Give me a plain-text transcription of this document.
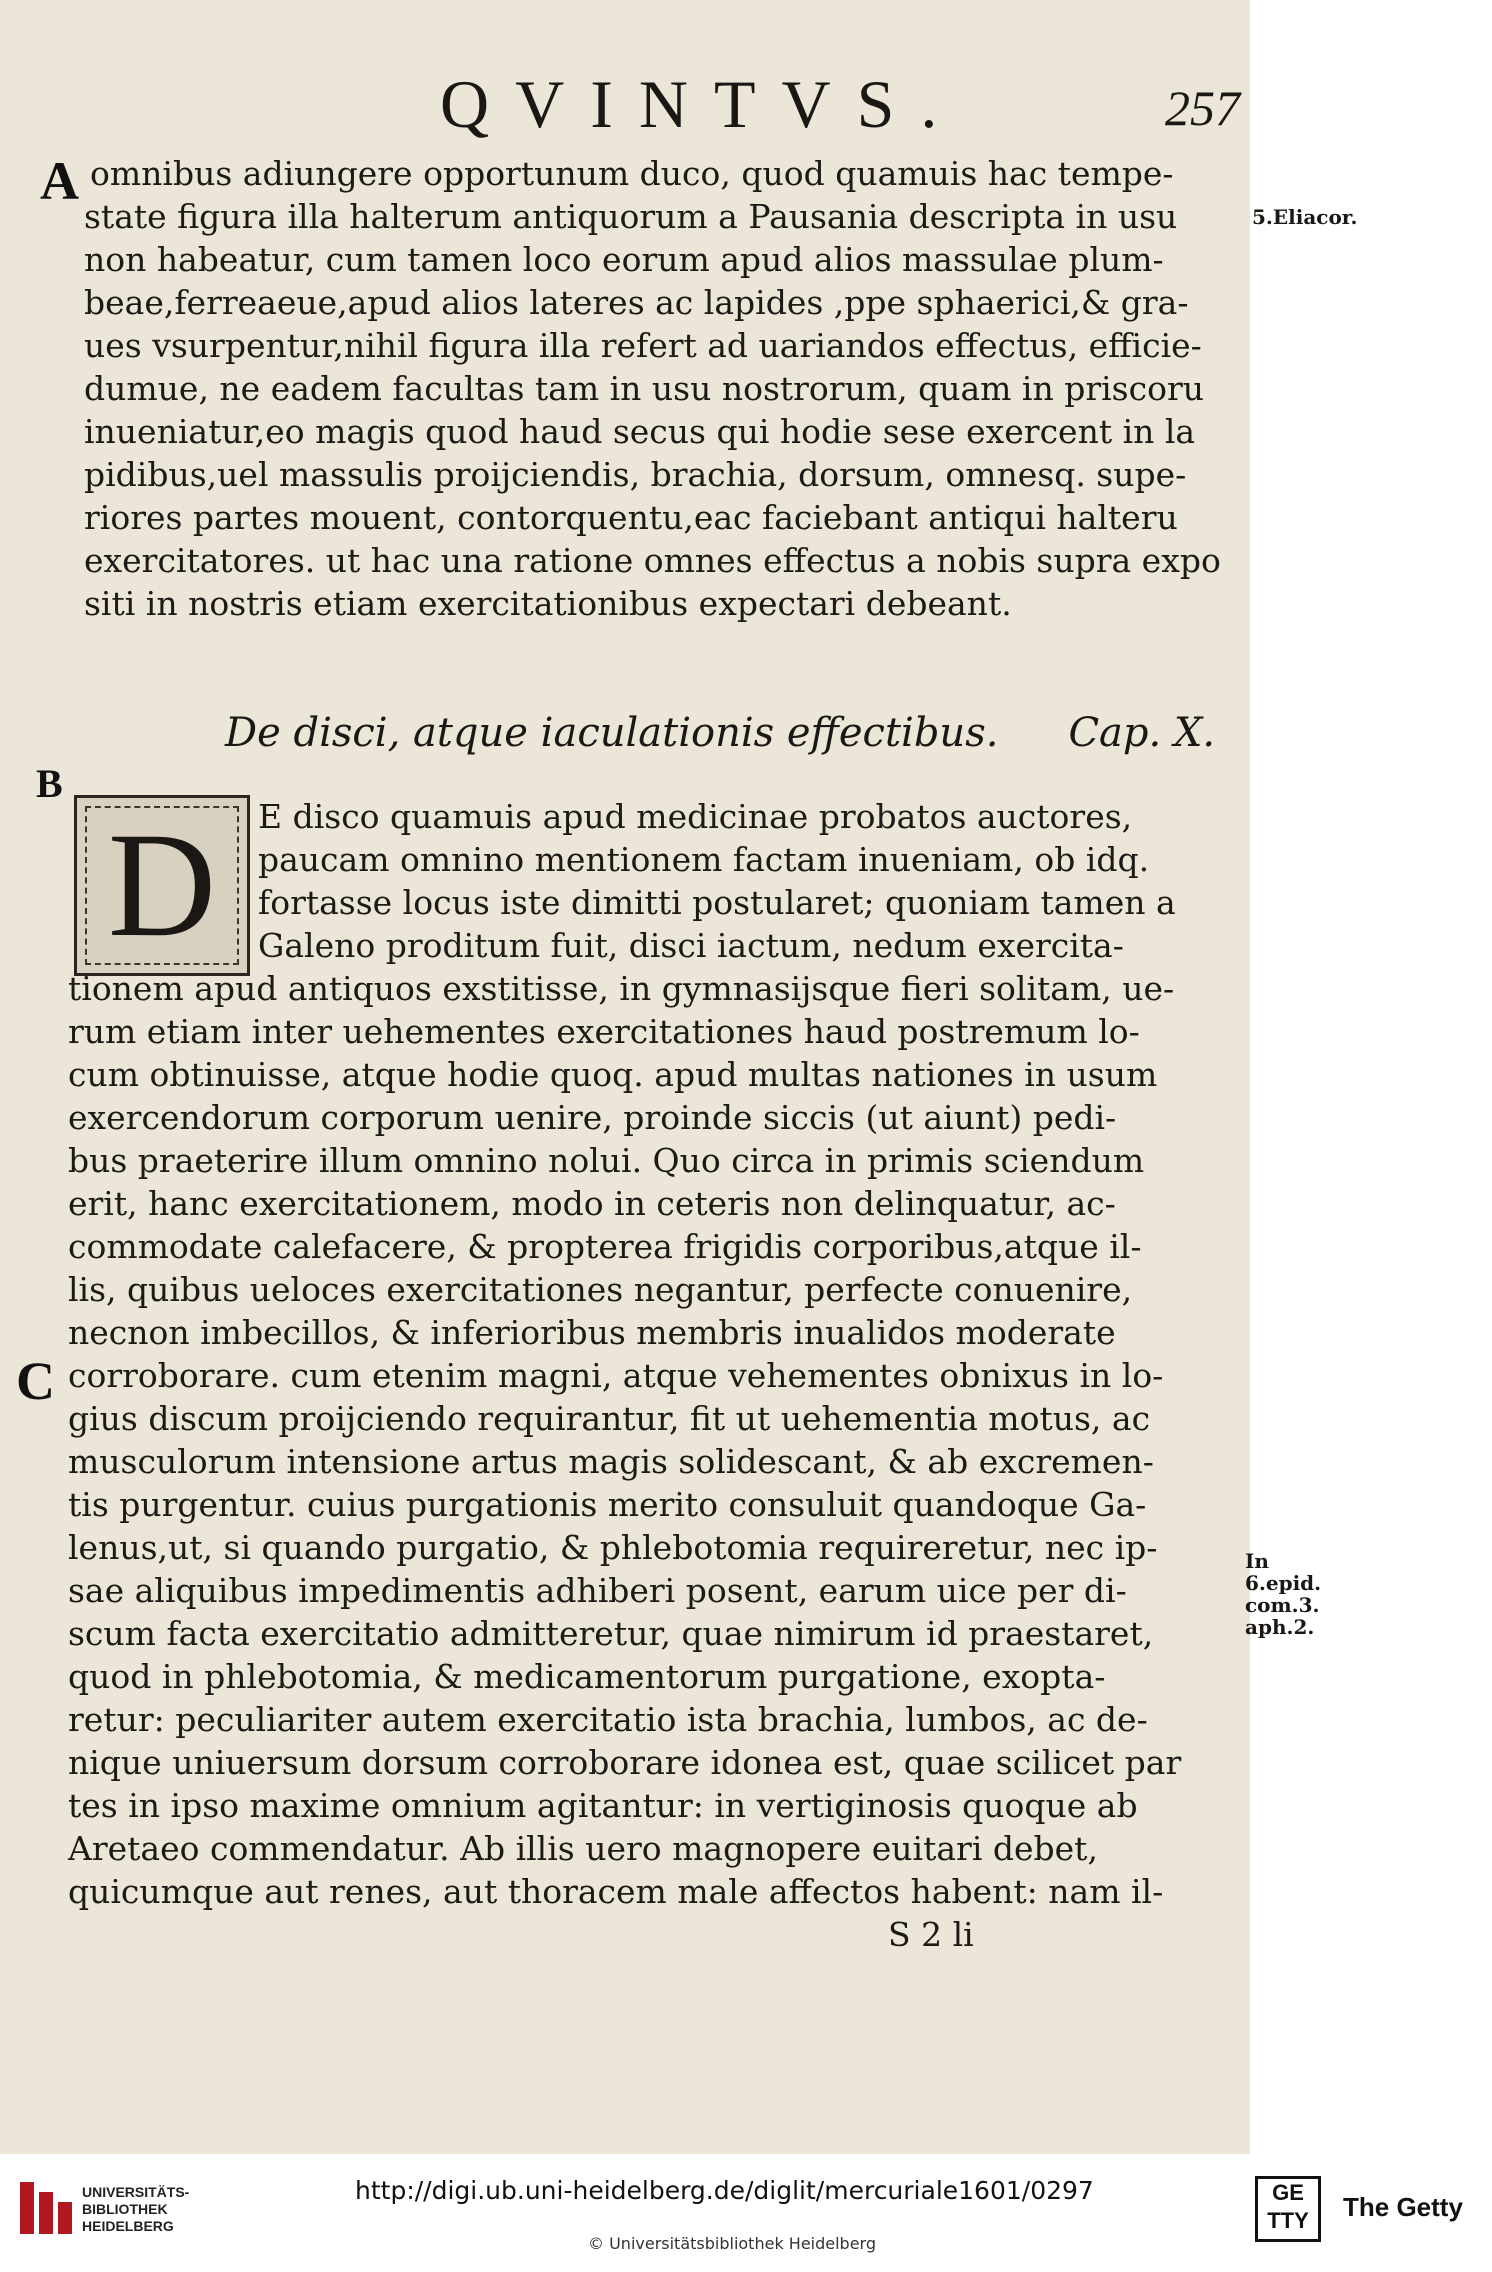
QVINTVS.	257
A
B
C
omnibus adiungere opportunum duco, quod quamuis hac tempe-
state figura illa halterum antiquorum a Pausania descripta in usu
non habeatur, cum tamen loco eorum apud alios massulae plum-
beae,ferreaeue,apud alios lateres ac lapides ,ppe sphaerici,& gra-
ues vsurpentur,nihil figura illa refert ad uariandos effectus, efficie-
dumue, ne eadem facultas tam in usu nostrorum, quam in priscoru
inueniatur,eo magis quod haud secus qui hodie sese exercent in la
pidibus,uel massulis proijciendis, brachia, dorsum, omnesq. supe-
riores partes mouent, contorquentu,eac faciebant antiqui halteru
exercitatores. ut hac una ratione omnes effectus a nobis supra expo
siti in nostris etiam exercitationibus expectari debeant.
5.Eliacor.
De disci, atque iaculationis effectibus. Cap. X.
D	E disco quamuis apud medicinae probatos auctores,
paucam omnino mentionem factam inueniam, ob idq.
fortasse locus iste dimitti postularet; quoniam tamen a
Galeno proditum fuit, disci iactum, nedum exercita-
tionem apud antiquos exstitisse, in gymnasijsque fieri solitam, ue-
rum etiam inter uehementes exercitationes haud postremum lo-
cum obtinuisse, atque hodie quoq. apud multas nationes in usum
exercendorum corporum uenire, proinde siccis (ut aiunt) pedi-
bus praeterire illum omnino nolui. Quo circa in primis sciendum
erit, hanc exercitationem, modo in ceteris non delinquatur, ac-
commodate calefacere, & propterea frigidis corporibus,atque il-
lis, quibus ueloces exercitationes negantur, perfecte conuenire,
necnon imbecillos, & inferioribus membris inualidos moderate
corroborare. cum etenim magni, atque vehementes obnixus in lo-
gius discum proijciendo requirantur, fit ut uehementia motus, ac
musculorum intensione artus magis solidescant, & ab excremen-
tis purgentur. cuius purgationis merito consuluit quandoque Ga-
lenus,ut, si quando purgatio, & phlebotomia requireretur, nec ip-
sae aliquibus impedimentis adhiberi posent, earum uice per di-
scum facta exercitatio admitteretur, quae nimirum id praestaret,
quod in phlebotomia, & medicamentorum purgatione, exopta-
retur: peculiariter autem exercitatio ista brachia, lumbos, ac de-
nique uniuersum dorsum corroborare idonea est, quae scilicet par
tes in ipso maxime omnium agitantur: in vertiginosis quoque ab
Aretaeo commendatur. Ab illis uero magnopere euitari debet,
quicumque aut renes, aut thoracem male affectos habent: nam il-
S 2 li
In 6.epid.
com.3.
aph.2.
UNIVERSITÄTS-
BIBLIOTHEK
HEIDELBERG
http://digi.ub.uni-heidelberg.de/diglit/mercuriale1601/0297
© Universitätsbibliothek Heidelberg
GE TTY	The Getty
